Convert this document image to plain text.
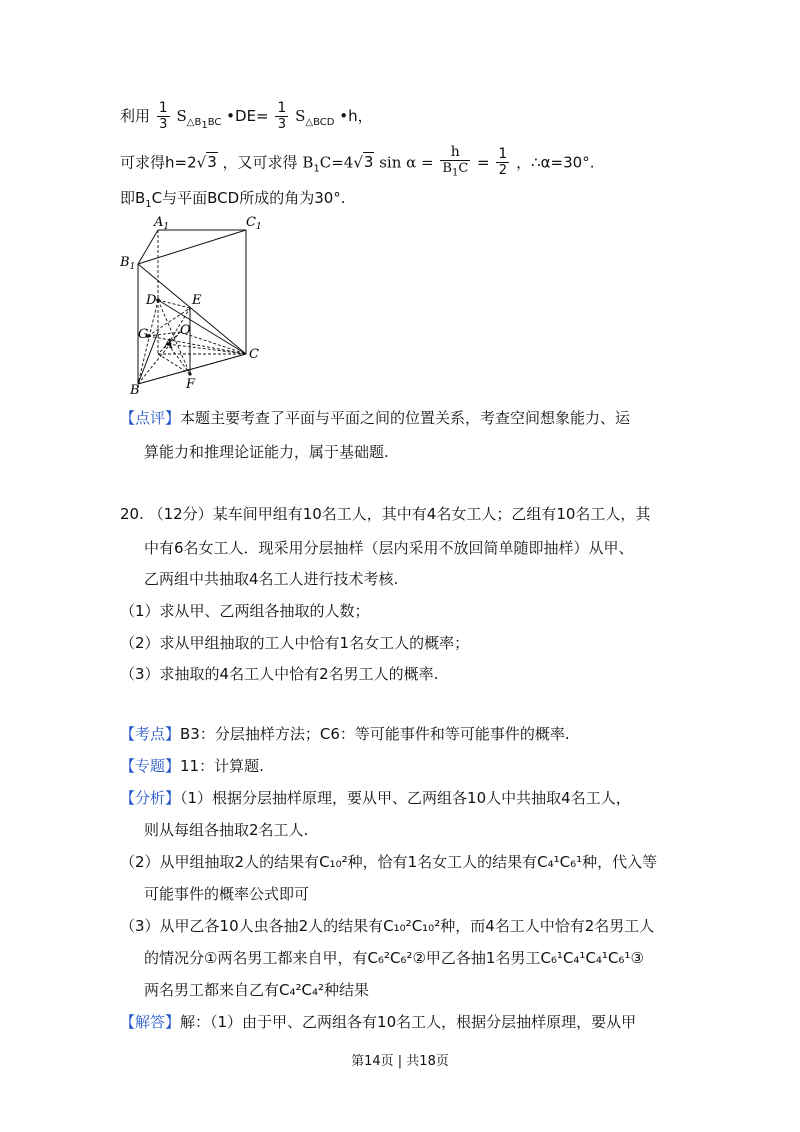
利用 $\frac{1}{3} S_{\triangle B_1BC}$ •DE= $\frac{1}{3} S_{\triangle BCD}$ •h，
可求得h=2√3 ，又可求得 $B_1C=4√3$ $\sin \alpha = \frac{h}{B_1C} = \frac{1}{2}$ ，∴α=30°.
即$B_1C$与平面BCD所成的角为30°.
$A_1$	$C_1$
$B_1$
D	E
G O
A
C
B	F
【点评】本题主要考查了平面与平面之间的位置关系，考查空间想象能力、运
算能力和推理论证能力，属于基础题.
20. （12分）某车间甲组有10名工人，其中有4名女工人；乙组有10名工人，其
中有6名女工人．现采用分层抽样（层内采用不放回简单随即抽样）从甲、
乙两组中共抽取4名工人进行技术考核.
（1）求从甲、乙两组各抽取的人数；
（2）求从甲组抽取的工人中恰有1名女工人的概率；
（3）求抽取的4名工人中恰有2名男工人的概率.
【考点】B3：分层抽样方法；C6：等可能事件和等可能事件的概率.
【专题】11：计算题.
【分析】（1）根据分层抽样原理，要从甲、乙两组各10人中共抽取4名工人，
则从每组各抽取2名工人.
（2）从甲组抽取2人的结果有C₁₀²种，恰有1名女工人的结果有C₄¹C₆¹种，代入等
可能事件的概率公式即可
（3）从甲乙各10人虫各抽2人的结果有C₁₀²C₁₀²种，而4名工人中恰有2名男工人
的情况分①两名男工都来自甲，有C₆²C₆²②甲乙各抽1名男工C₆¹C₄¹C₄¹C₆¹③
两名男工都来自乙有C₄²C₄²种结果
【解答】解：（1）由于甲、乙两组各有10名工人，根据分层抽样原理，要从甲
第14页 | 共18页
